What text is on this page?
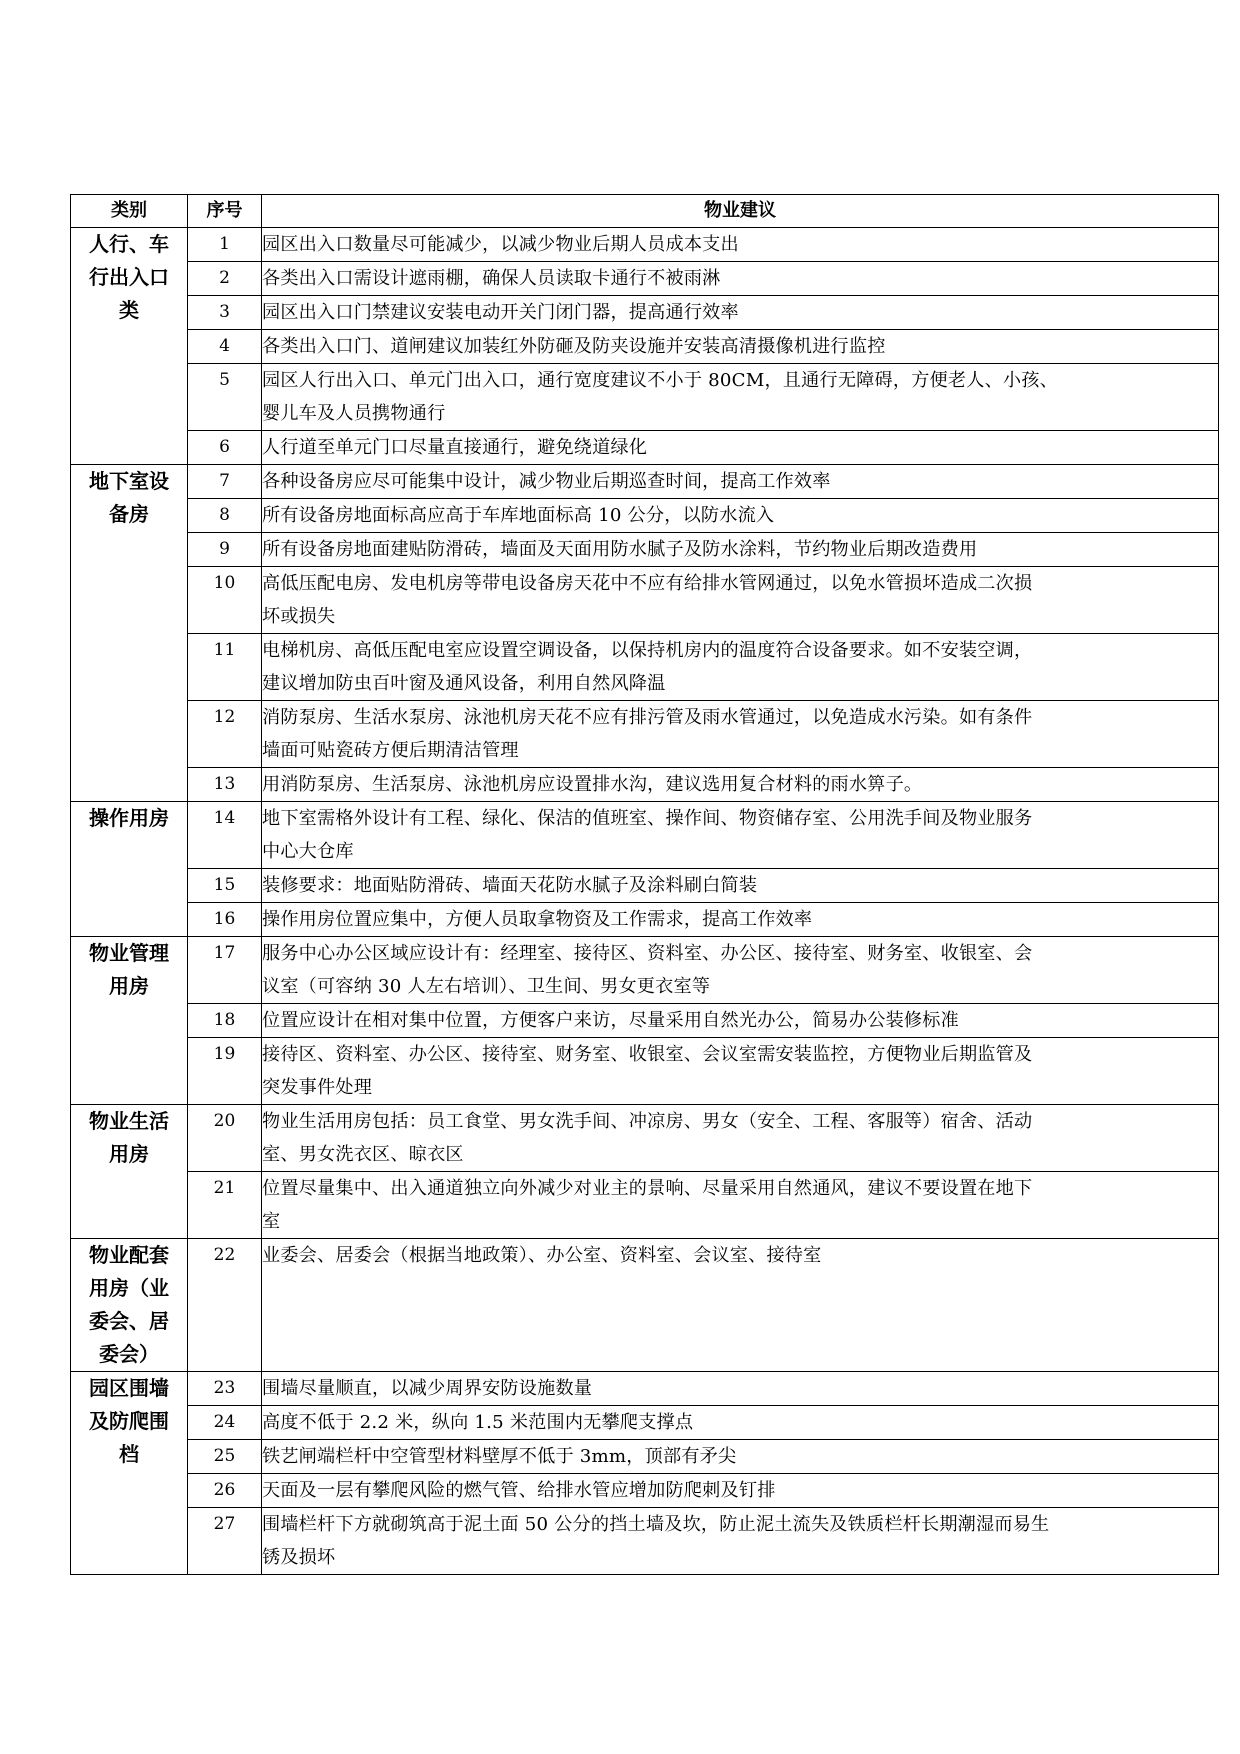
类别	序号	物业建议

人行、车
行出入口
类	1	园区出入口数量尽可能减少，以减少物业后期人员成本支出

	2	各类出入口需设计遮雨棚，确保人员读取卡通行不被雨淋

	3	园区出入口门禁建议安装电动开关门闭门器，提高通行效率

	4	各类出入口门、道闸建议加装红外防砸及防夹设施并安装高清摄像机进行监控

	5	园区人行出入口、单元门出入口，通行宽度建议不小于 80CM，且通行无障碍，方便老人、小孩、
婴儿车及人员携物通行

	6	人行道至单元门口尽量直接通行，避免绕道绿化

地下室设
备房	7	各种设备房应尽可能集中设计，减少物业后期巡查时间，提高工作效率

	8	所有设备房地面标高应高于车库地面标高 10 公分，以防水流入

	9	所有设备房地面建贴防滑砖，墙面及天面用防水腻子及防水涂料，节约物业后期改造费用

	10	高低压配电房、发电机房等带电设备房天花中不应有给排水管网通过，以免水管损坏造成二次损
坏或损失

	11	电梯机房、高低压配电室应设置空调设备，以保持机房内的温度符合设备要求。如不安装空调，
建议增加防虫百叶窗及通风设备，利用自然风降温

	12	消防泵房、生活水泵房、泳池机房天花不应有排污管及雨水管通过，以免造成水污染。如有条件
墙面可贴瓷砖方便后期清洁管理

	13	用消防泵房、生活泵房、泳池机房应设置排水沟，建议选用复合材料的雨水箅子。

操作用房	14	地下室需格外设计有工程、绿化、保洁的值班室、操作间、物资储存室、公用洗手间及物业服务
中心大仓库

	15	装修要求：地面贴防滑砖、墙面天花防水腻子及涂料刷白简装

	16	操作用房位置应集中，方便人员取拿物资及工作需求，提高工作效率

物业管理
用房	17	服务中心办公区域应设计有：经理室、接待区、资料室、办公区、接待室、财务室、收银室、会
议室（可容纳 30 人左右培训）、卫生间、男女更衣室等

	18	位置应设计在相对集中位置，方便客户来访，尽量采用自然光办公，简易办公装修标准

	19	接待区、资料室、办公区、接待室、财务室、收银室、会议室需安装监控，方便物业后期监管及
突发事件处理

物业生活
用房	20	物业生活用房包括：员工食堂、男女洗手间、冲凉房、男女（安全、工程、客服等）宿舍、活动
室、男女洗衣区、晾衣区

	21	位置尽量集中、出入通道独立向外减少对业主的景响、尽量采用自然通风，建议不要设置在地下
室

物业配套
用房（业
委会、居
委会）	22	业委会、居委会（根据当地政策）、办公室、资料室、会议室、接待室

园区围墙
及防爬围
档	23	围墙尽量顺直，以减少周界安防设施数量

	24	高度不低于 2.2 米，纵向 1.5 米范围内无攀爬支撑点

	25	铁艺闸端栏杆中空管型材料壁厚不低于 3mm，顶部有矛尖

	26	天面及一层有攀爬风险的燃气管、给排水管应增加防爬刺及钉排

	27	围墙栏杆下方就砌筑高于泥土面 50 公分的挡土墙及坎，防止泥土流失及铁质栏杆长期潮湿而易生
锈及损坏
